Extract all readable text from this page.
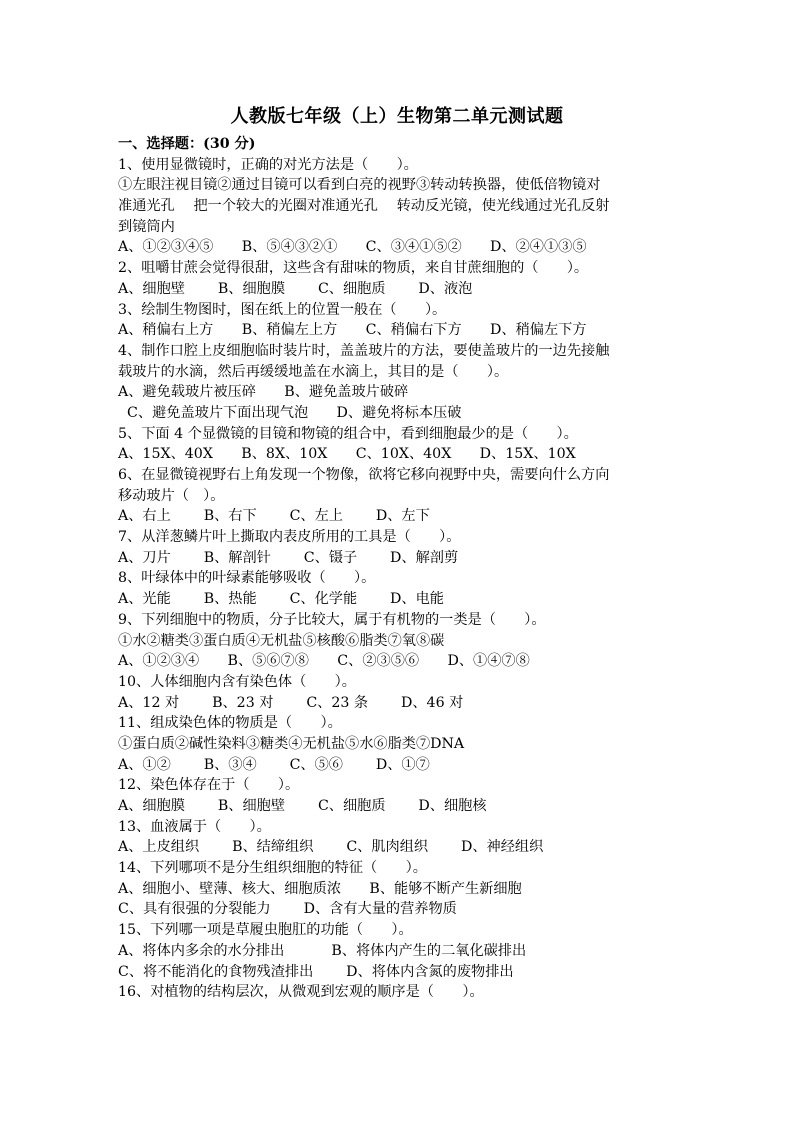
人教版七年级（上）生物第二单元测试题
一、选择题：(30 分)
1、使用显微镜时，正确的对光方法是（　　）。
①左眼注视目镜②通过目镜可以看到白亮的视野③转动转换器，使低倍物镜对
准通光孔　 把一个较大的光圈对准通光孔　 转动反光镜，使光线通过光孔反射
到镜筒内
A、①②③④⑤　　B、⑤④③②①　　C、③④①⑤②　　D、②④①③⑤
2、咀嚼甘蔗会觉得很甜，这些含有甜味的物质，来自甘蔗细胞的（　　）。
A、细胞壁　　 B、细胞膜　　 C、细胞质　　 D、液泡
3、绘制生物图时，图在纸上的位置一般在（　　）。
A、稍偏右上方　　B、稍偏左上方　　C、稍偏右下方　　D、稍偏左下方
4、制作口腔上皮细胞临时装片时，盖盖玻片的方法，要使盖玻片的一边先接触
载玻片的水滴，然后再缓缓地盖在水滴上，其目的是（　　）。
A、避免载玻片被压碎　　B、避免盖玻片破碎
C、避免盖玻片下面出现气泡　　D、避免将标本压破
5、下面 4 个显微镜的目镜和物镜的组合中，看到细胞最少的是（　　）。
A、15X、40X　　B、8X、10X　　C、10X、40X　　D、15X、10X
6、在显微镜视野右上角发现一个物像，欲将它移向视野中央，需要向什么方向
移动玻片（　）。
A、右上　　 B、右下　　 C、左上　　 D、左下
7、从洋葱鳞片叶上撕取内表皮所用的工具是（　　）。
A、刀片　　 B、解剖针　　 C、镊子　　 D、解剖剪
8、叶绿体中的叶绿素能够吸收（　　）。
A、光能　　 B、热能　　 C、化学能　　 D、电能
9、下列细胞中的物质，分子比较大，属于有机物的一类是（　　）。
①水②糖类③蛋白质④无机盐⑤核酸⑥脂类⑦氧⑧碳
A、①②③④　　B、⑤⑥⑦⑧　　C、②③⑤⑥　　D、①④⑦⑧
10、人体细胞内含有染色体（　　）。
A、12 对　　 B、23 对　　 C、23 条　　 D、46 对
11、组成染色体的物质是（　　）。
①蛋白质②碱性染料③糖类④无机盐⑤水⑥脂类⑦DNA
A、①②　　 B、③④　　 C、⑤⑥　　 D、①⑦
12、染色体存在于（　　）。
A、细胞膜　　 B、细胞壁　　 C、细胞质　　 D、细胞核
13、血液属于（　　）。
A、上皮组织　　 B、结缔组织　　 C、肌肉组织　　 D、神经组织
14、下列哪项不是分生组织细胞的特征（　　）。
A、细胞小、壁薄、核大、细胞质浓　　B、能够不断产生新细胞
C、具有很强的分裂能力　　 D、含有大量的营养物质
15、下列哪一项是草履虫胞肛的功能（　　）。
A、将体内多余的水分排出　　　 B、将体内产生的二氧化碳排出
C、将不能消化的食物残渣排出　　 D、将体内含氮的废物排出
16、对植物的结构层次，从微观到宏观的顺序是（　　）。
